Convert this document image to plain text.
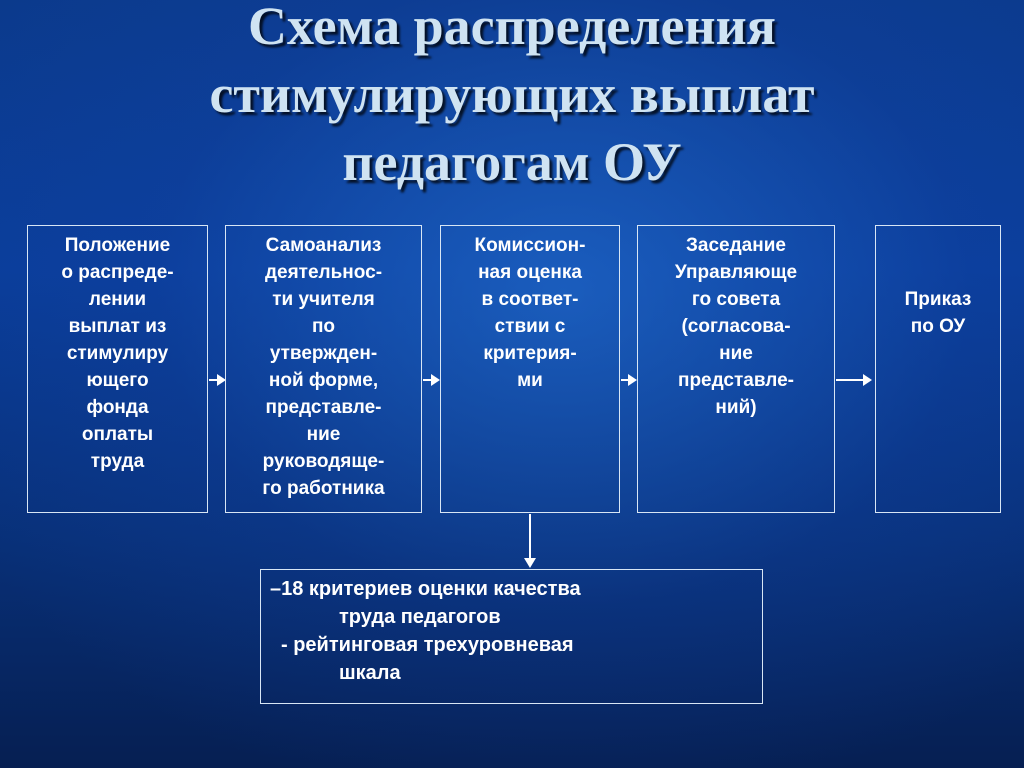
Схема распределения
стимулирующих выплат
педагогам ОУ
Положение
о распреде-
лении
выплат из
стимулиру
ющего
фонда
оплаты
труда
Самоанализ
деятельнос-
ти учителя
по
утвержден-
ной форме,
представле-
ние
руководяще-
го работника
Комиссион-
ная оценка
в соответ-
ствии с
критерия-
ми
Заседание
Управляюще
го совета
(согласова-
ние
представле-
ний)
Приказ
по ОУ
–18 критериев оценки качества
труда педагогов
- рейтинговая трехуровневая
шкала
